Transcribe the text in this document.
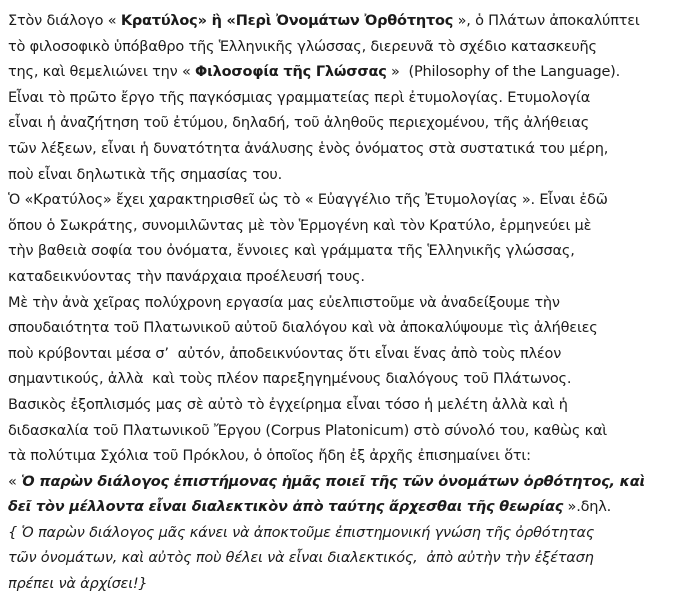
Στὸν διάλογο « Κρατύλος» ἢ «Περὶ Ὀνομάτων Ὀρθότητος », ὁ Πλάτων ἀποκαλύπτει
τὸ φιλοσοφικὸ ὑπόβαθρο τῆς Ἑλληνικῆς γλώσσας, διερευνᾶ τὸ σχέδιο κατασκευῆς
της, καὶ θεμελιώνει την « Φιλοσοφία τῆς Γλώσσας »  (Philosophy of the Language).
Εἶναι τὸ πρῶτο ἔργο τῆς παγκόσμιας γραμματείας περὶ ἐτυμολογίας. Ετυμολογία
εἶναι ἡ ἀναζήτηση τοῦ ἐτύμου, δηλαδή, τοῦ ἀληθοῦς περιεχομένου, τῆς ἀλήθειας
τῶν λέξεων, εἶναι ἡ δυνατότητα ἀνάλυσης ἑνὸς ὀνόματος στὰ συστατικά του μέρη,
ποὺ εἶναι δηλωτικὰ τῆς σημασίας του.
Ὁ «Κρατύλος» ἔχει χαρακτηρισθεῖ ὡς τὸ « Εὐαγγέλιο τῆς Ἐτυμολογίας ». Εἶναι ἐδῶ
ὅπου ὁ Σωκράτης, συνομιλῶντας μὲ τὸν Ἑρμογένη καὶ τὸν Κρατύλο, ἑρμηνεύει μὲ
τὴν βαθειὰ σοφία του ὀνόματα, ἔννοιες καὶ γράμματα τῆς Ἑλληνικῆς γλώσσας,
καταδεικνύοντας τὴν πανάρχαια προέλευσή τους.
Μὲ τὴν ἀνὰ χεῖρας πολύχρονη εργασία μας εὐελπιστοῦμε νὰ ἀναδείξουμε τὴν
σπουδαιότητα τοῦ Πλατωνικοῦ αὐτοῦ διαλόγου καὶ νὰ ἀποκαλύψουμε τὶς ἀλήθειες
ποὺ κρύβονται μέσα σ’  αὐτόν, ἀποδεικνύοντας ὅτι εἶναι ἕνας ἀπὸ τοὺς πλέον
σημαντικούς, ἀλλὰ  καὶ τοὺς πλέον παρεξηγημένους διαλόγους τοῦ Πλάτωνος.
Βασικὸς ἐξοπλισμός μας σὲ αὐτὸ τὸ ἐγχείρημα εἶναι τόσο ἡ μελέτη ἀλλὰ καὶ ἡ
διδασκαλία τοῦ Πλατωνικοῦ Ἔργου (Corpus Platonicum) στὸ σύνολό του, καθὼς καὶ
τὰ πολύτιμα Σχόλια τοῦ Πρόκλου, ὁ ὁποῖος ἤδη ἐξ ἀρχῆς ἐπισημαίνει ὅτι:
« Ὁ παρὼν διάλογος ἐπιστήμονας ἡμᾶς ποιεῖ τῆς τῶν ὀνομάτων ὀρθότητος, καὶ
δεῖ τὸν μέλλοντα εἶναι διαλεκτικὸν ἀπὸ ταύτης ἄρχεσθαι τῆς θεωρίας ».δηλ.
{ Ὁ παρὼν διάλογος μᾶς κάνει νὰ ἀποκτοῦμε ἐπιστημονική γνώση τῆς ὀρθότητας
τῶν ὀνομάτων, καὶ αὐτὸς ποὺ θέλει νὰ εἶναι διαλεκτικός,  ἀπὸ αὐτὴν τὴν ἐξέταση
πρέπει νὰ ἀρχίσει!}
